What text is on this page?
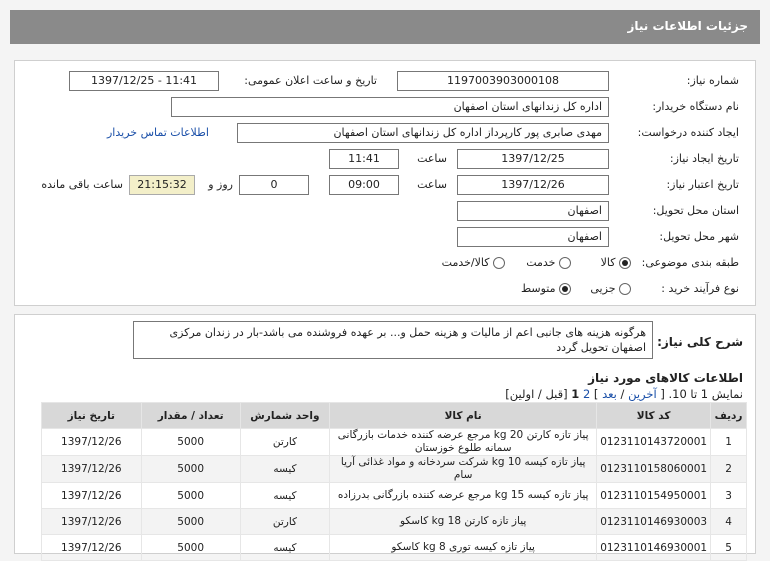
جزئیات اطلاعات نیاز
شماره نیاز:
1197003903000108
تاریخ و ساعت اعلان عمومی:
1397/12/25 - 11:41
نام دستگاه خریدار:
اداره کل زندانهای استان اصفهان
ایجاد کننده درخواست:
مهدی صابری پور کارپرداز اداره کل زندانهای استان اصفهان
اطلاعات تماس خریدار
تاریخ ایجاد نیاز:
1397/12/25
ساعت
11:41
تاریخ اعتبار نیاز:
1397/12/26
ساعت
09:00
0
روز و
21:15:32
ساعت باقی مانده
استان محل تحویل:
اصفهان
شهر محل تحویل:
اصفهان
طبقه بندی موضوعی:
کالا
خدمت
کالا/خدمت
نوع فرآیند خرید :
جزیی
متوسط
شرح کلی نیاز:
هرگونه هزینه های جانبی اعم از مالیات و هزینه حمل و... بر عهده فروشنده می باشد-بار در زندان مرکزی اصفهان تحویل گردد
اطلاعات کالاهای مورد نیاز
نمایش 1 تا 10. [ آخرین / بعد ] 2 1 [قبل / اولین]
ردیف	کد کالا	نام کالا	واحد شمارش	تعداد / مقدار	تاریخ نیاز
1	0123110143720001	پیاز تازه کارتن 20 kg مرجع عرضه کننده خدمات بازرگانی سمانه طلوع خوزستان	کارتن	5000	1397/12/26
2	0123110158060001	پیاز تازه کیسه 10 kg شرکت سردخانه و مواد غذائی آریا سام	کیسه	5000	1397/12/26
3	0123110154950001	پیاز تازه کیسه 15 kg مرجع عرضه کننده بازرگانی بدرزاده	کیسه	5000	1397/12/26
4	0123110146930003	پیاز تازه کارتن 18 kg کاسکو	کارتن	5000	1397/12/26
5	0123110146930001	پیاز تازه کیسه توری 8 kg کاسکو	کیسه	5000	1397/12/26
